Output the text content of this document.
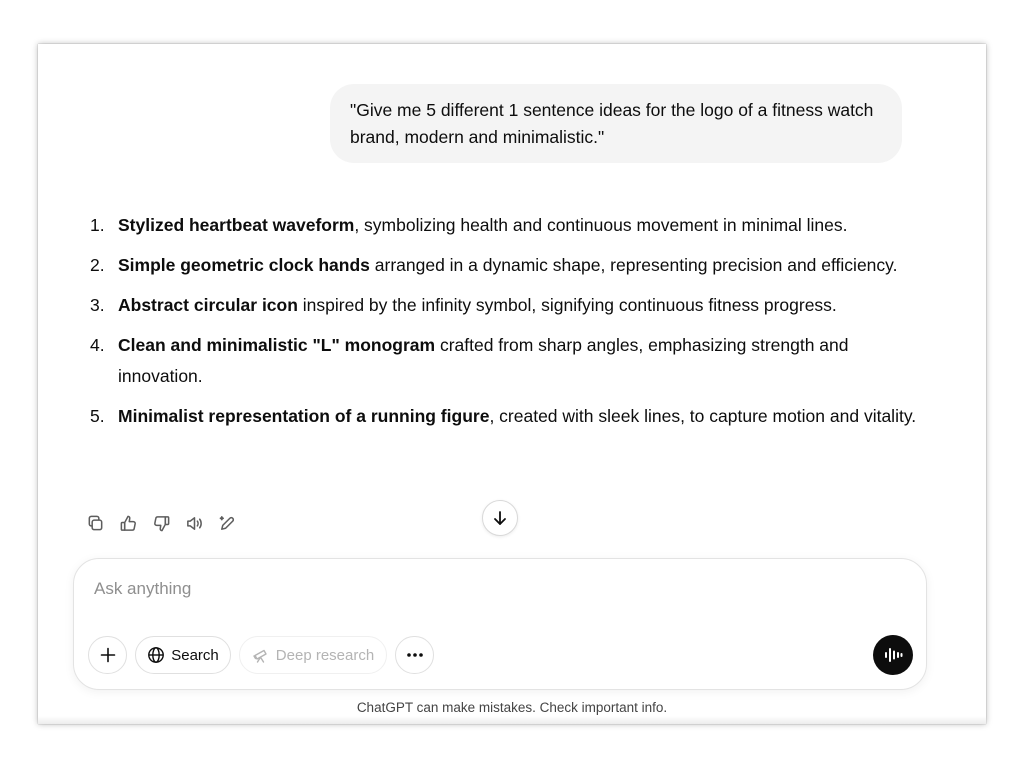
"Give me 5 different 1 sentence ideas for the logo of a fitness watch brand, modern and minimalistic."
1. Stylized heartbeat waveform, symbolizing health and continuous movement in minimal lines.
2. Simple geometric clock hands arranged in a dynamic shape, representing precision and efficiency.
3. Abstract circular icon inspired by the infinity symbol, signifying continuous fitness progress.
4. Clean and minimalistic "L" monogram crafted from sharp angles, emphasizing strength and innovation.
5. Minimalist representation of a running figure, created with sleek lines, to capture motion and vitality.
Ask anything
Search	Deep research
ChatGPT can make mistakes. Check important info.
